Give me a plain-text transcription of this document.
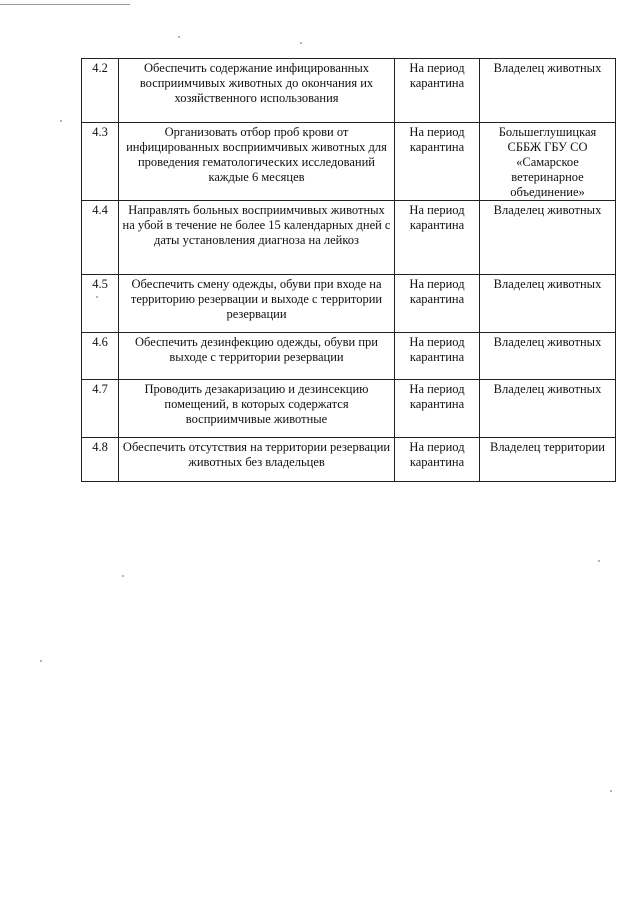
4.2	Обеспечить содержание инфицированных восприимчивых животных до окончания их хозяйственного использования	На период карантина	Владелец животных
4.3	Организовать отбор проб крови от инфицированных восприимчивых животных для проведения гематологических исследований каждые 6 месяцев	На период карантина	Большеглушицкая СББЖ ГБУ СО «Самарское ветеринарное объединение»
4.4	Направлять больных восприимчивых животных на убой в течение не более 15 календарных дней с даты установления диагноза на лейкоз	На период карантина	Владелец животных
4.5	Обеспечить смену одежды, обуви при входе на территорию резервации и выходе с территории резервации	На период карантина	Владелец животных
4.6	Обеспечить дезинфекцию одежды, обуви при выходе с территории резервации	На период карантина	Владелец животных
4.7	Проводить дезакаризацию и дезинсекцию помещений, в которых содержатся восприимчивые животные	На период карантина	Владелец животных
4.8	Обеспечить отсутствия на территории резервации животных без владельцев	На период карантина	Владелец территории
